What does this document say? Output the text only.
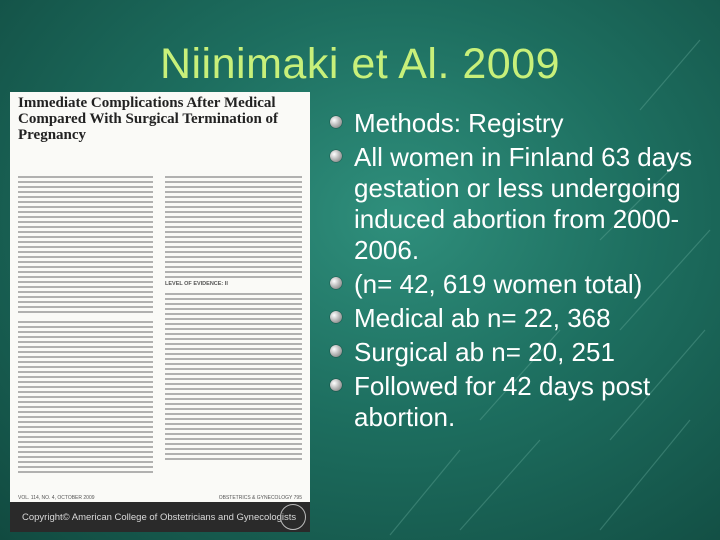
Niinimaki et Al. 2009
Immediate Complications After Medical
Compared With Surgical Termination of
Pregnancy
LEVEL OF EVIDENCE: II
VOL. 114, NO. 4, OCTOBER 2009	OBSTETRICS & GYNECOLOGY 795
Copyright© American College of Obstetricians and Gynecologists
Methods: Registry
All women in Finland 63 days gestation or less undergoing induced abortion from 2000-2006.
(n= 42, 619 women total)
Medical ab n= 22, 368
Surgical ab n= 20, 251
Followed for 42 days post abortion.
